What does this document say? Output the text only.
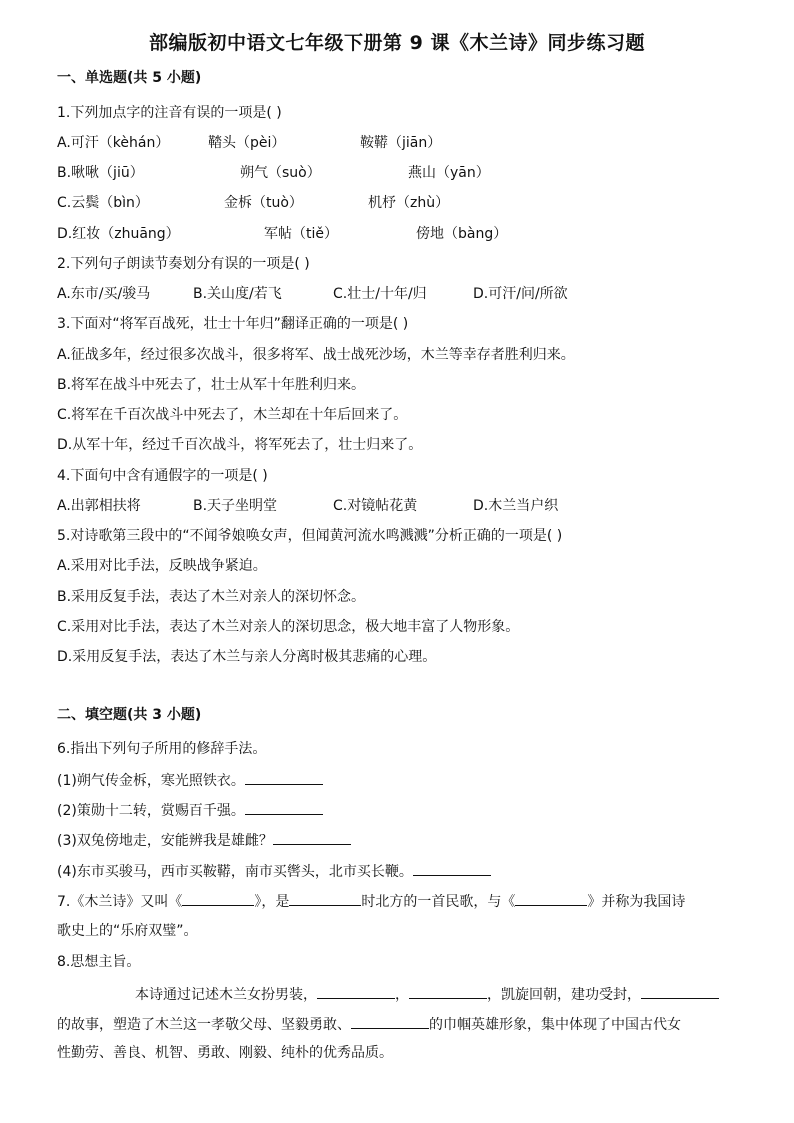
部编版初中语文七年级下册第 9 课《木兰诗》同步练习题
一、单选题(共 5 小题)
1.下列加点字的注音有误的一项是( )
A.可汗（kèhán）	鞜头（pèi）	鞍鞯（jiān）
B.啾啾（jiū）	朔气（suò）	燕山（yān）
C.云鬓（bìn）	金柝（tuò）	机杼（zhù）
D.红妆（zhuāng）	军帖（tiě）	傍地（bàng）
2.下列句子朗读节奏划分有误的一项是( )
A.东市/买/骏马	B.关山度/若飞	C.壮士/十年/归	D.可汗/问/所欲
3.下面对“将军百战死，壮士十年归”翻译正确的一项是( )
A.征战多年，经过很多次战斗，很多将军、战士战死沙场，木兰等幸存者胜利归来。
B.将军在战斗中死去了，壮士从军十年胜利归来。
C.将军在千百次战斗中死去了，木兰却在十年后回来了。
D.从军十年，经过千百次战斗，将军死去了，壮士归来了。
4.下面句中含有通假字的一项是( )
A.出郭相扶将	B.天子坐明堂	C.对镜帖花黄	D.木兰当户织
5.对诗歌第三段中的“不闻爷娘唤女声，但闻黄河流水鸣溅溅”分析正确的一项是( )
A.采用对比手法，反映战争紧迫。
B.采用反复手法，表达了木兰对亲人的深切怀念。
C.采用对比手法，表达了木兰对亲人的深切思念，极大地丰富了人物形象。
D.采用反复手法，表达了木兰与亲人分离时极其悲痛的心理。
二、填空题(共 3 小题)
6.指出下列句子所用的修辞手法。
(1)朔气传金柝，寒光照铁衣。
(2)策勋十二转，赏赐百千强。
(3)双兔傍地走，安能辨我是雄雌？
(4)东市买骏马，西市买鞍鞯，南市买辔头，北市买长鞭。
7.《木兰诗》又叫《	》，是	时北方的一首民歌，与《	》并称为我国诗
歌史上的“乐府双璧”。
8.思想主旨。
本诗通过记述木兰女扮男装，	，	，凯旋回朝，建功受封，
的故事，塑造了木兰这一孝敬父母、坚毅勇敢、	的巾帼英雄形象，集中体现了中国古代女
性勤劳、善良、机智、勇敢、刚毅、纯朴的优秀品质。
